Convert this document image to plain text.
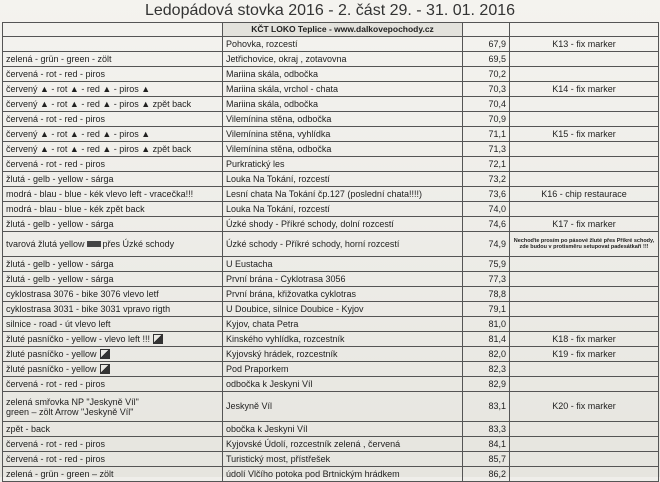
Ledopádová stovka 2016 - 2. část 29. - 31. 01. 2016
	KČT LOKO Teplice - www.dalkovepochody.cz		
	Pohovka, rozcestí	67,9	K13 - fix marker
zelená - grün - green - zölt	Jetřichovice, okraj , zotavovna	69,5	
červená - rot - red - piros	Mariina skála, odbočka	70,2	
červený ▲ - rot ▲ - red ▲ - piros ▲	Mariina skála, vrchol - chata	70,3	K14 - fix marker
červený ▲ - rot ▲ - red ▲ - piros ▲ zpět back	Mariina skála, odbočka	70,4	
červená - rot - red - piros	Vilemínina stěna, odbočka	70,9	
červený ▲ - rot ▲ - red ▲ - piros ▲	Vilemínina stěna, vyhlídka	71,1	K15 - fix marker
červený ▲ - rot ▲ - red ▲ - piros ▲ zpět back	Vilemínina stěna, odbočka	71,3	
červená - rot - red - piros	Purkratický les	72,1	
žlutá - gelb - yellow - sárga	Louka Na Tokání, rozcestí	73,2	
modrá - blau - blue - kék vlevo left - vracečka!!!	Lesní chata Na Tokání čp.127 (poslední chata!!!!)	73,6	K16 - chip restaurace
modrá - blau - blue - kék zpět back	Louka Na Tokání, rozcestí	74,0	
žlutá - gelb - yellow - sárga	Úzké shody - Příkré schody, dolní rozcestí	74,6	K17 - fix marker
tvarová žlutá yellow přes Úzké schody	Úzké schody - Příkré schody, horní rozcestí	74,9	Nechoďte prosím po pásové žluté přes Příkré schody, zde budou v protisměru setupovat padesátkaři !!!
žlutá - gelb - yellow - sárga	U Eustacha	75,9	
žlutá - gelb - yellow - sárga	První brána - Cyklotrasa 3056	77,3	
cyklostrasa 3076 - bike 3076 vlevo letf	První brána, křižovatka cyklotras	78,8	
cyklostrasa 3031 - bike 3031 vpravo rigth	U Doubice, silnice Doubice - Kyjov	79,1	
silnice - road - út vlevo left	Kyjov, chata Petra	81,0	
žluté pasníčko - yellow - vlevo left !!!	Kinského vyhlídka, rozcestník	81,4	K18 - fix marker
žluté pasníčko - yellow	Kyjovský hrádek, rozcestník	82,0	K19 - fix marker
žluté pasníčko - yellow	Pod Praporkem	82,3	
červená - rot - red - piros	odbočka k Jeskyni Víl	82,9	
zelená smřovka NP "Jeskyně Víl"
green – zölt Arrow "Jeskyně Víl"	Jeskyně Víl	83,1	K20 - fix marker
zpět - back	obočka k Jeskyni Víl	83,3	
červená - rot - red - piros	Kyjovské Údolí, rozcestník zelená , červená	84,1	
červená - rot - red - piros	Turistický most, přístřešek	85,7	
zelená - grün - green – zölt	údolí Vlčího potoka pod Brtnickým hrádkem	86,2	
